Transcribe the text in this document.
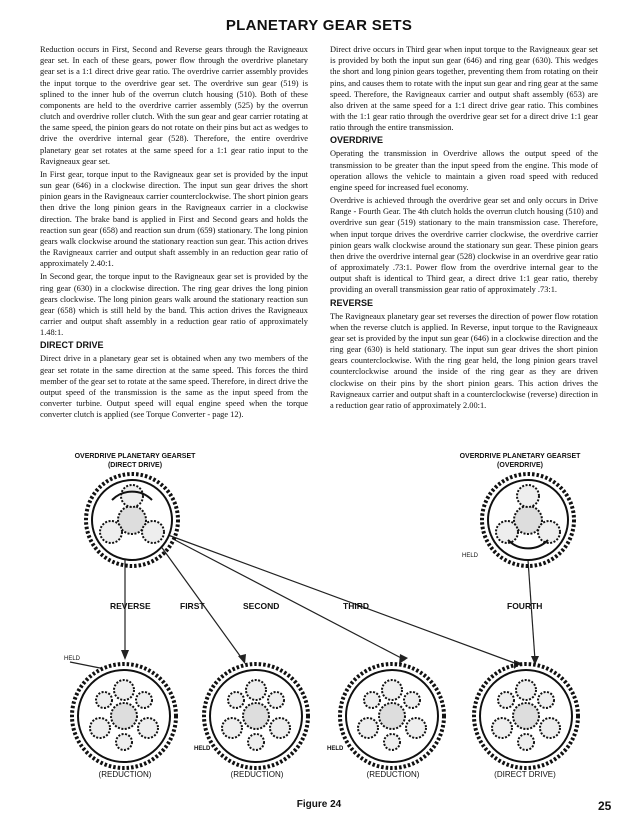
PLANETARY GEAR SETS

Reduction occurs in First, Second and Reverse gears through the Ravigneaux gear set. In each of these gears, power flow through the overdrive planetary gear set is a 1:1 direct drive gear ratio. The overdrive carrier assembly provides the input torque to the overdrive gear set. The overdrive sun gear (519) is splined to the inner hub of the overrun clutch housing (510). Both of these components are held to the overdrive carrier assembly (525) by the overrun clutch and overdrive roller clutch. With the sun gear and gear carrier rotating at the same speed, the pinion gears do not rotate on their pins but act as wedges to drive the overdrive internal gear (528). Therefore, the entire overdrive planetary gear set rotates at the same speed for a 1:1 gear ratio input to the Ravigneaux gear set.

In First gear, torque input to the Ravigneaux gear set is provided by the input sun gear (646) in a clockwise direction. The input sun gear drives the short pinion gears in the Ravigneaux carrier counterclockwise. The short pinion gears then drive the long pinion gears in the Ravigneaux carrier in a clockwise direction. The brake band is applied in First and Second gears and holds the reaction sun gear (658) and reaction sun drum (659) stationary. The long pinion gears walk clockwise around the stationary reaction sun gear. This action drives the Ravigneaux carrier and output shaft assembly in an reduction gear ratio of approximately 2.40:1.

In Second gear, the torque input to the Ravigneaux gear set is provided by the ring gear (630) in a clockwise direction. The ring gear drives the long pinion gears clockwise. The long pinion gears walk around the stationary reaction sun gear (658) which is still held by the band. This action drives the Ravigneaux carrier and output shaft assembly in a reduction gear ratio of approximately 1.48:1.

DIRECT DRIVE

Direct drive in a planetary gear set is obtained when any two members of the gear set rotate in the same direction at the same speed. This forces the third member of the gear set to rotate at the same speed. Therefore, in direct drive the output speed of the transmission is the same as the input speed from the converter turbine. Output speed will equal engine speed when the torque converter clutch is applied (see Torque Converter - page 12).

Direct drive occurs in Third gear when input torque to the Ravigneaux gear set is provided by both the input sun gear (646) and ring gear (630). This wedges the short and long pinion gears together, preventing them from rotating on their pins, and causes them to rotate with the input sun gear and ring gear at the same speed. Therefore, the Ravigneaux carrier and output shaft assembly (653) are also driven at the same speed for a 1:1 direct drive gear ratio. This combines with the 1:1 gear ratio through the overdrive gear set for a direct drive 1:1 gear ratio through the entire transmission.

OVERDRIVE

Operating the transmission in Overdrive allows the output speed of the transmission to be greater than the input speed from the engine. This mode of operation allows the vehicle to maintain a given road speed with reduced engine speed for increased fuel economy.

Overdrive is achieved through the overdrive gear set and only occurs in Drive Range - Fourth Gear. The 4th clutch holds the overrun clutch housing (510) and overdrive sun gear (519) stationary to the main transmission case. Therefore, when input torque drives the overdrive carrier clockwise, the overdrive carrier pinion gears walk clockwise around the stationary sun gear. These pinion gears then drive the overdrive internal gear (528) clockwise in an overdrive gear ratio of approximately .73:1. Power flow from the overdrive internal gear to the output shaft is identical to Third gear, a direct drive 1:1 gear ratio, thereby providing an overall transmission gear ratio of approximately .73:1.

REVERSE

The Ravigneaux planetary gear set reverses the direction of power flow rotation when the reverse clutch is applied. In Reverse, input torque to the Ravigneaux gear set is provided by the input sun gear (646) in a clockwise direction and the ring gear (630) is held stationary. The input sun gear drives the short pinion gears counterclockwise. With the ring gear held, the long pinion gears travel counterclockwise around the inside of the ring gear as they are driven clockwise on their pins by the short pinion gears. This action drives the Ravigneaux carrier and output shaft in a counterclockwise (reverse) direction in a reduction gear ratio of approximately 2.00:1.

OVERDRIVE PLANETARY GEARSET
(DIRECT DRIVE)
OVERDRIVE PLANETARY GEARSET
(OVERDRIVE)
HELD
REVERSE	FIRST	SECOND	THIRD	FOURTH
HELD
HELD	HELD
(REDUCTION)	(REDUCTION)	(REDUCTION)	(DIRECT DRIVE)
Figure 24	25
